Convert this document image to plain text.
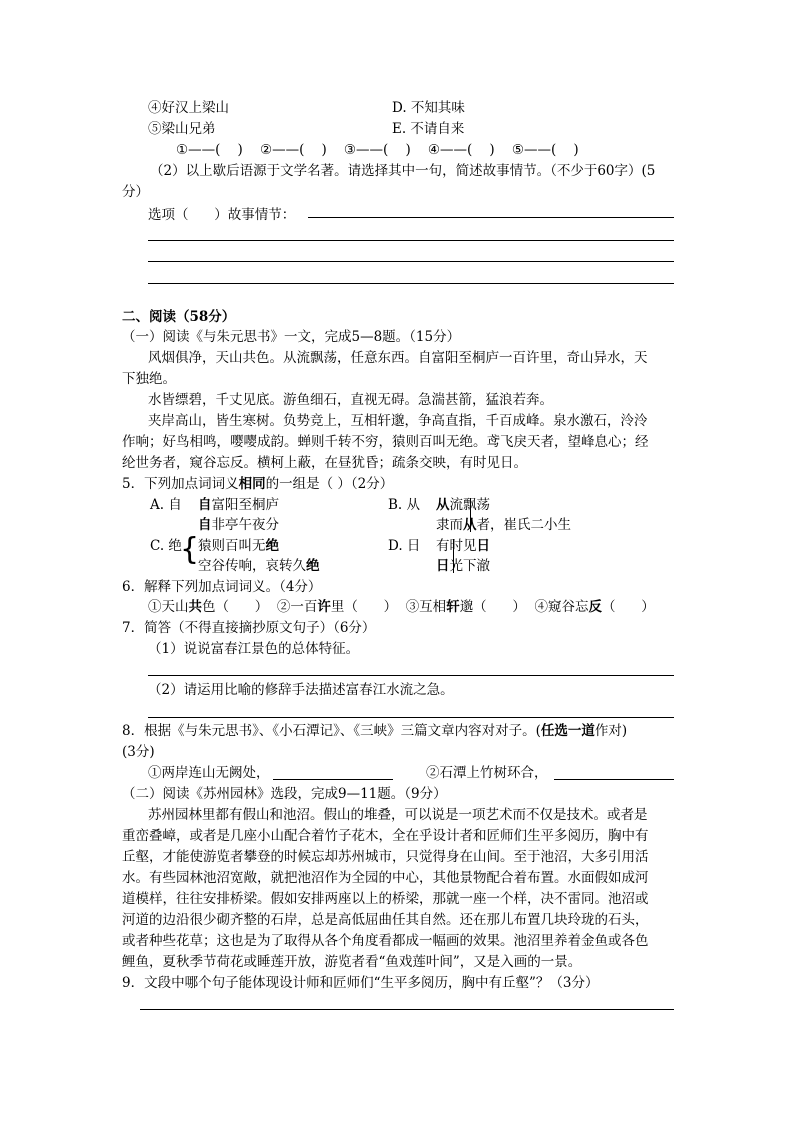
④好汉上梁山	D. 不知其味
⑤梁山兄弟	E. 不请自来
①——(    )    ②——(    )    ③——(    )    ④——(    )    ⑤——(    )
（2）以上歇后语源于文学名著。请选择其中一句，简述故事情节。（不少于60字）(5
分）
选项（      ）故事情节：
二、阅读（58分）
（一）阅读《与朱元思书》一文，完成5—8题。（15分）
风烟俱净，天山共色。从流飘荡，任意东西。自富阳至桐庐一百许里，奇山异水，天
下独绝。
水皆缥碧，千丈见底。游鱼细石，直视无碍。急湍甚箭，猛浪若奔。
夹岸高山，皆生寒树。负势竞上，互相轩邈，争高直指，千百成峰。泉水激石，泠泠
作响；好鸟相鸣，嘤嘤成韵。蝉则千转不穷，猿则百叫无绝。鸢飞戾天者，望峰息心；经
纶世务者，窥谷忘反。横柯上蔽，在昼犹昏；疏条交映，有时见日。
5．下列加点词词义相同的一组是（ ）（2分）
A. 自 自富阳至桐庐
自非亭午夜分
B. 从 从流飘荡
隶而从者，崔氏二小生
C. 绝
{
猿则百叫无绝
空谷传响，哀转久绝
D. 日 有时见日
日光下澈
6．解释下列加点词词义。（4分）
①天山共色（      ） ②一百许里（      ） ③互相轩邈（      ） ④窥谷忘反（      ）
7．简答（不得直接摘抄原文句子）（6分）
（1）说说富春江景色的总体特征。
（2）请运用比喻的修辞手法描述富春江水流之急。
8．根据《与朱元思书》、《小石潭记》、《三峡》三篇文章内容对对子。(任选一道作对)
(3分)
①两岸连山无阙处，	②石潭上竹树环合，
（二）阅读《苏州园林》选段，完成9—11题。（9分）
苏州园林里都有假山和池沼。假山的堆叠，可以说是一项艺术而不仅是技术。或者是
重峦叠嶂，或者是几座小山配合着竹子花木，全在乎设计者和匠师们生平多阅历，胸中有
丘壑，才能使游览者攀登的时候忘却苏州城市，只觉得身在山间。至于池沼，大多引用活
水。有些园林池沼宽敞，就把池沼作为全园的中心，其他景物配合着布置。水面假如成河
道模样，往往安排桥梁。假如安排两座以上的桥梁，那就一座一个样，决不雷同。池沼或
河道的边沿很少砌齐整的石岸，总是高低屈曲任其自然。还在那儿布置几块玲珑的石头，
或者种些花草；这也是为了取得从各个角度看都成一幅画的效果。池沼里养着金鱼或各色
鲤鱼，夏秋季节荷花或睡莲开放，游览者看“鱼戏莲叶间”，又是入画的一景。
9．文段中哪个句子能体现设计师和匠师们“生平多阅历，胸中有丘壑”？（3分）
